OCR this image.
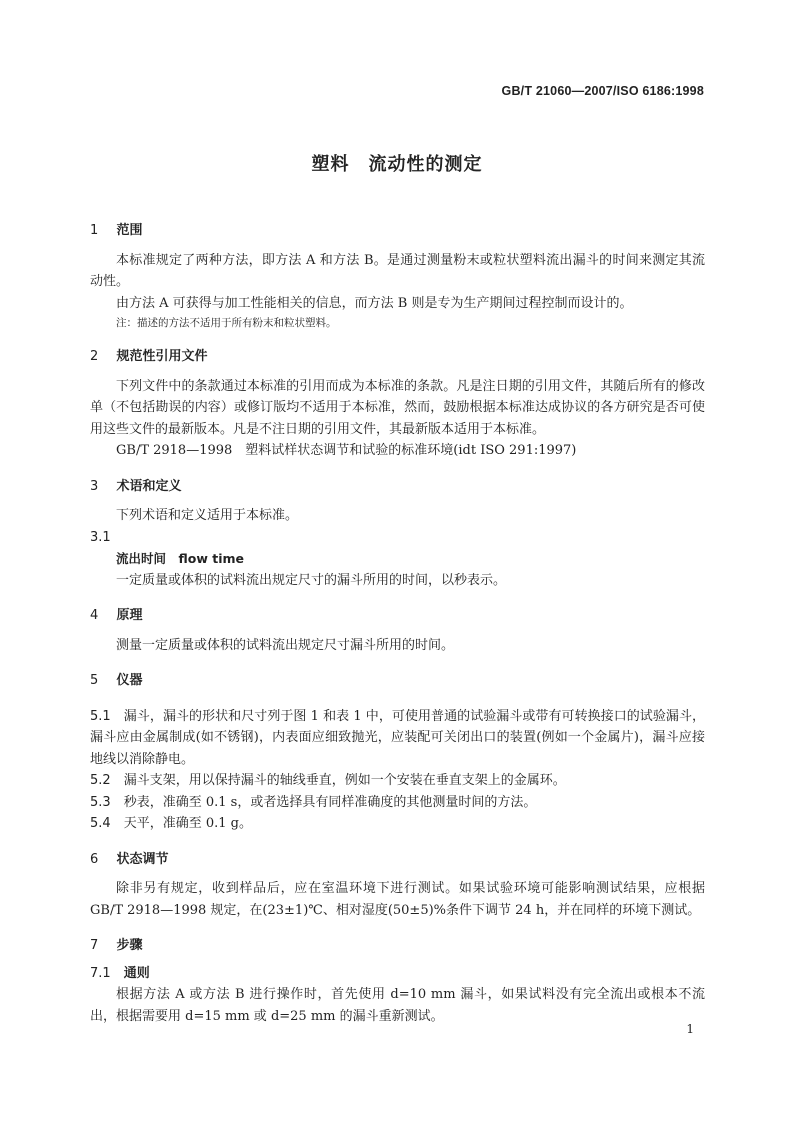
GB/T 21060—2007/ISO 6186:1998
塑料　流动性的测定
1 范围

本标准规定了两种方法，即方法 A 和方法 B。是通过测量粉末或粒状塑料流出漏斗的时间来测定其流动性。

由方法 A 可获得与加工性能相关的信息，而方法 B 则是专为生产期间过程控制而设计的。

注：描述的方法不适用于所有粉末和粒状塑料。

2 规范性引用文件

下列文件中的条款通过本标准的引用而成为本标准的条款。凡是注日期的引用文件，其随后所有的修改单（不包括勘误的内容）或修订版均不适用于本标准，然而，鼓励根据本标准达成协议的各方研究是否可使用这些文件的最新版本。凡是不注日期的引用文件，其最新版本适用于本标准。

GB/T 2918—1998　塑料试样状态调节和试验的标准环境(idt ISO 291:1997)

3 术语和定义

下列术语和定义适用于本标准。

3.1

流出时间　flow time

一定质量或体积的试料流出规定尺寸的漏斗所用的时间，以秒表示。

4 原理

测量一定质量或体积的试料流出规定尺寸漏斗所用的时间。

5 仪器

5.1　 漏斗，漏斗的形状和尺寸列于图 1 和表 1 中，可使用普通的试验漏斗或带有可转换接口的试验漏斗，漏斗应由金属制成(如不锈钢)，内表面应细致抛光，应装配可关闭出口的装置(例如一个金属片)，漏斗应接地线以消除静电。

5.2　 漏斗支架，用以保持漏斗的轴线垂直，例如一个安装在垂直支架上的金属环。

5.3　 秒表，准确至 0.1 s，或者选择具有同样准确度的其他测量时间的方法。

5.4　 天平，准确至 0.1 g。

6 状态调节

除非另有规定，收到样品后，应在室温环境下进行测试。如果试验环境可能影响测试结果，应根据 GB/T 2918—1998 规定，在(23±1)℃、相对湿度(50±5)%条件下调节 24 h，并在同样的环境下测试。

7 步骤
7.1　 通则

根据方法 A 或方法 B 进行操作时，首先使用 d=10 mm 漏斗，如果试料没有完全流出或根本不流出，根据需要用 d=15 mm 或 d=25 mm 的漏斗重新测试。

1
